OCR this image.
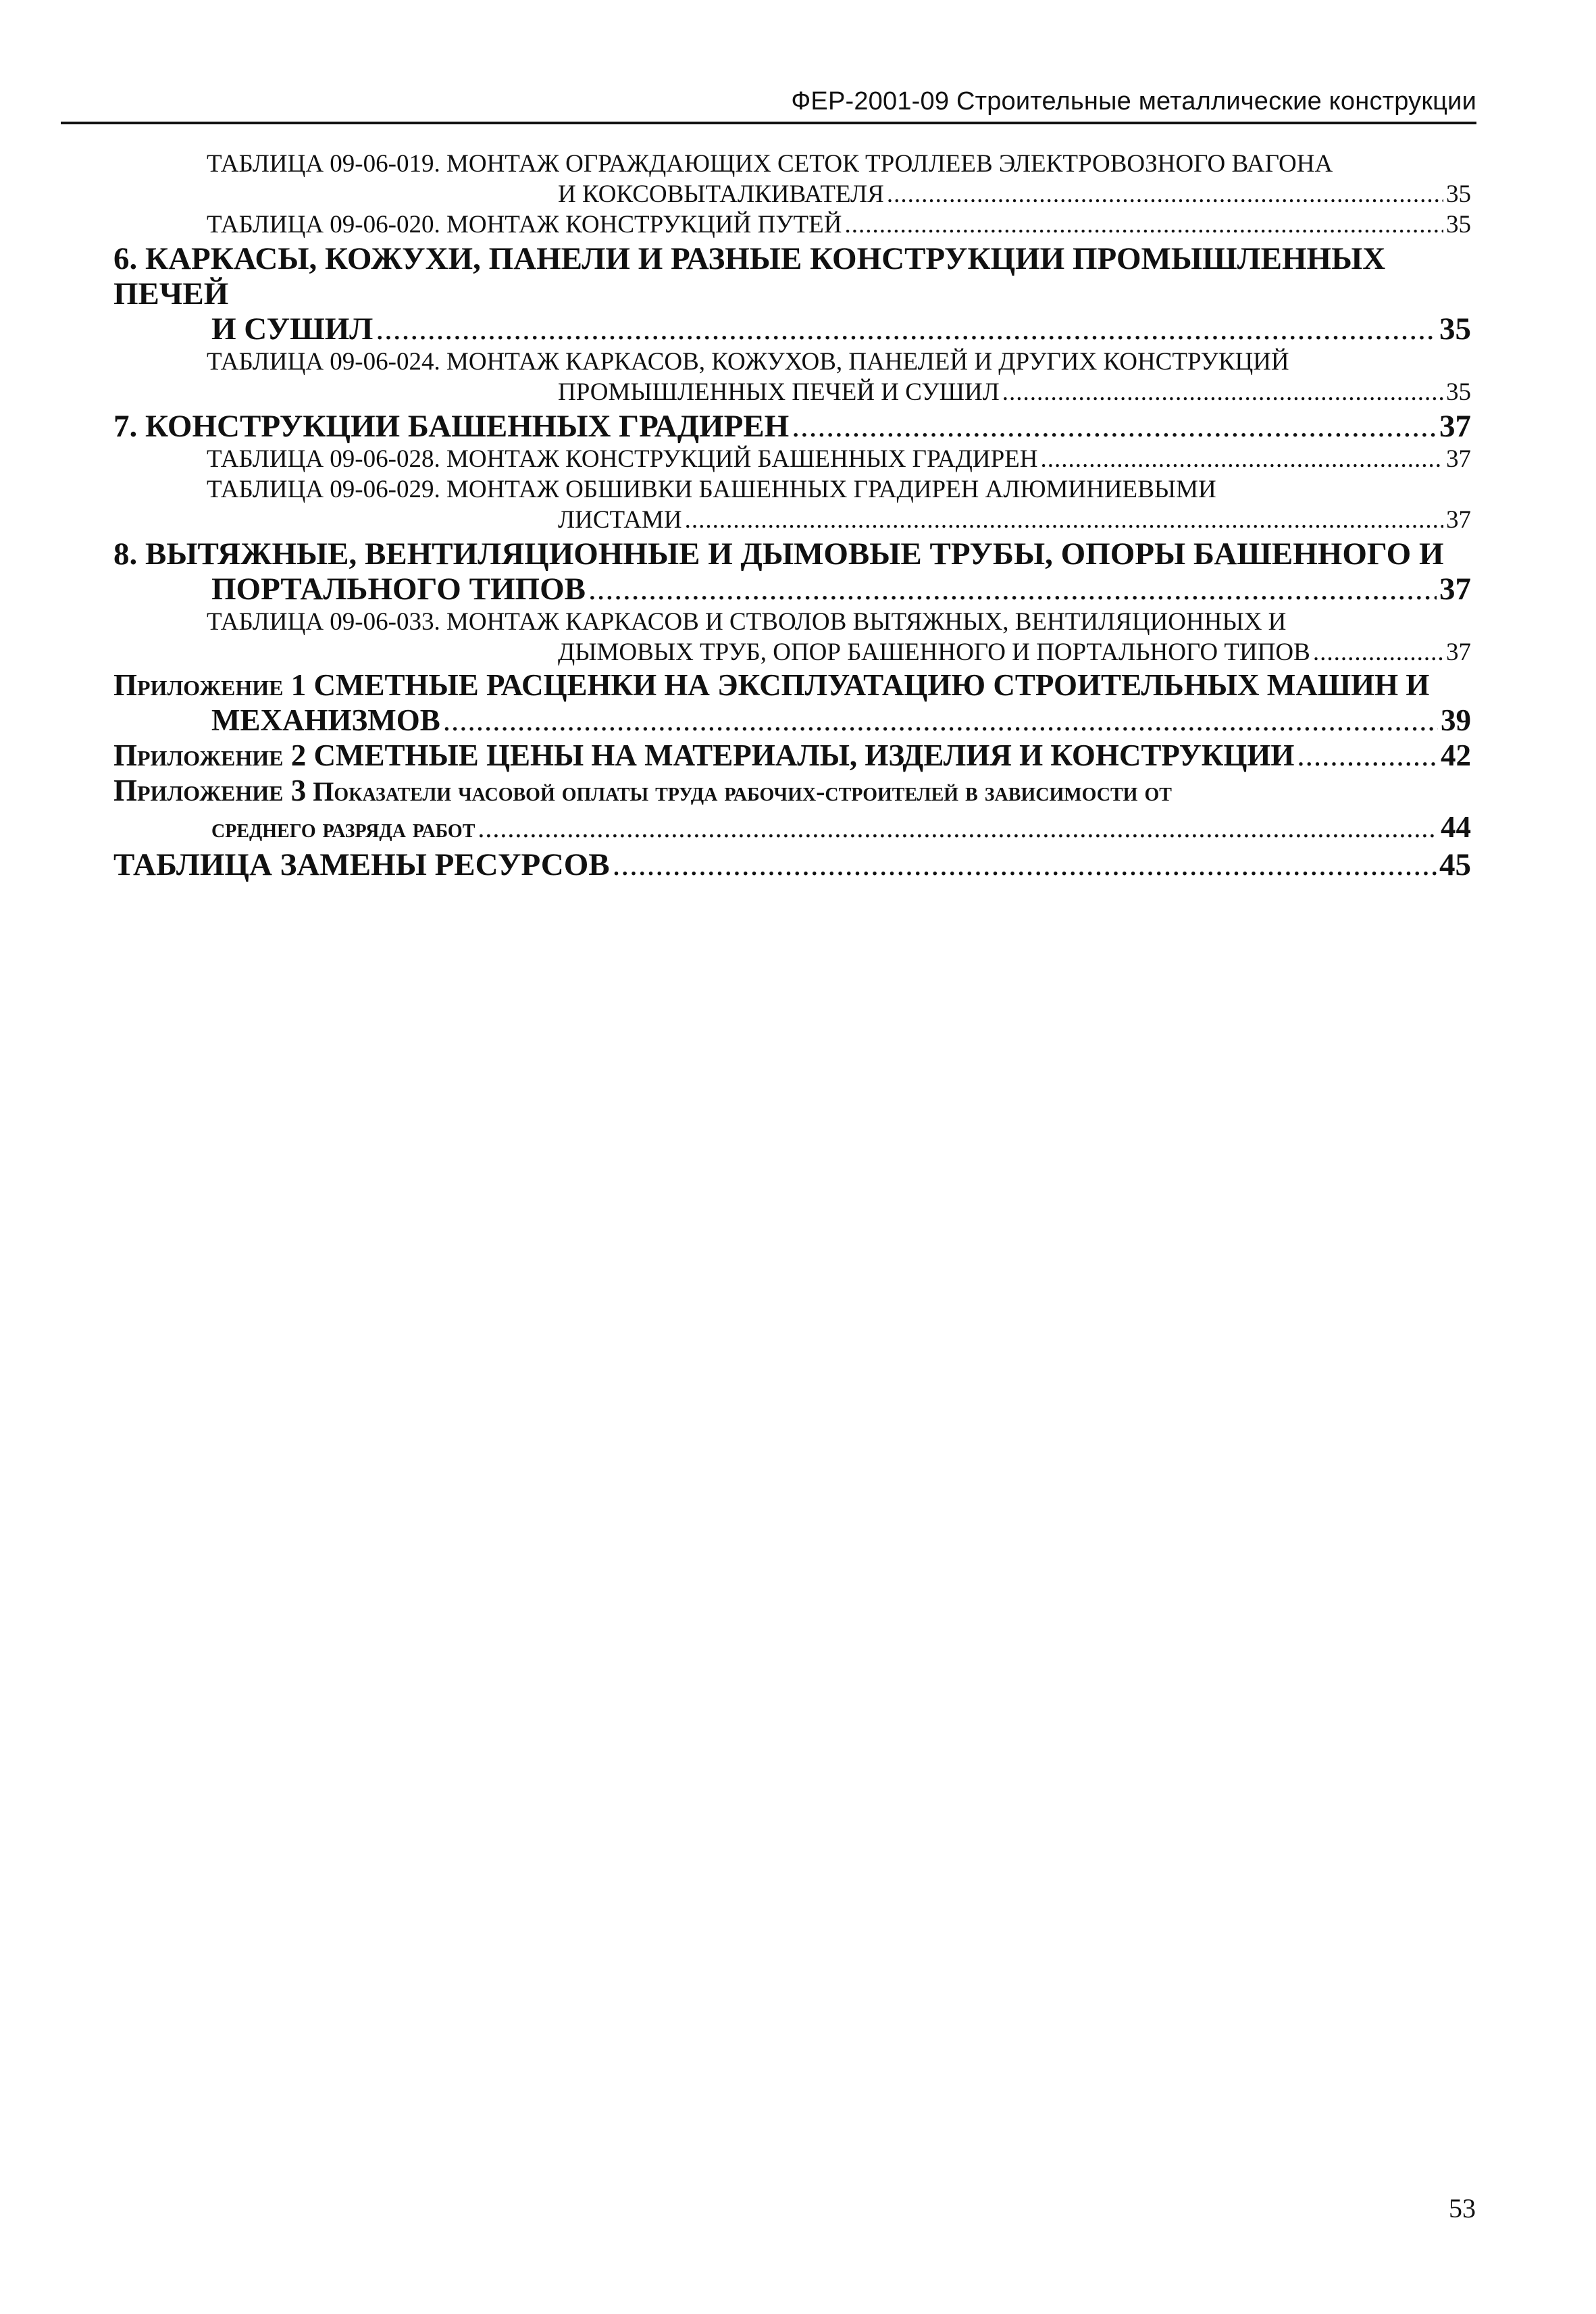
ФЕР-2001-09 Строительные металлические конструкции
ТАБЛИЦА 09-06-019. МОНТАЖ ОГРАЖДАЮЩИХ СЕТОК ТРОЛЛЕЕВ ЭЛЕКТРОВОЗНОГО ВАГОНА
И КОКСОВЫТАЛКИВАТЕЛЯ .....	35
ТАБЛИЦА 09-06-020. МОНТАЖ КОНСТРУКЦИЙ ПУТЕЙ .....	35
6. КАРКАСЫ, КОЖУХИ, ПАНЕЛИ И РАЗНЫЕ КОНСТРУКЦИИ ПРОМЫШЛЕННЫХ ПЕЧЕЙ
И СУШИЛ .....	35
ТАБЛИЦА 09-06-024. МОНТАЖ КАРКАСОВ, КОЖУХОВ, ПАНЕЛЕЙ И ДРУГИХ КОНСТРУКЦИЙ
ПРОМЫШЛЕННЫХ ПЕЧЕЙ И СУШИЛ .....	35
7. КОНСТРУКЦИИ БАШЕННЫХ ГРАДИРЕН .....	37
ТАБЛИЦА 09-06-028. МОНТАЖ КОНСТРУКЦИЙ БАШЕННЫХ ГРАДИРЕН .....	37
ТАБЛИЦА 09-06-029. МОНТАЖ ОБШИВКИ БАШЕННЫХ ГРАДИРЕН АЛЮМИНИЕВЫМИ
ЛИСТАМИ .....	37
8. ВЫТЯЖНЫЕ, ВЕНТИЛЯЦИОННЫЕ И ДЫМОВЫЕ ТРУБЫ, ОПОРЫ БАШЕННОГО И
ПОРТАЛЬНОГО ТИПОВ .....	37
ТАБЛИЦА 09-06-033. МОНТАЖ КАРКАСОВ И СТВОЛОВ ВЫТЯЖНЫХ, ВЕНТИЛЯЦИОННЫХ И
ДЫМОВЫХ ТРУБ, ОПОР БАШЕННОГО И ПОРТАЛЬНОГО ТИПОВ .....	37
Приложение 1 СМЕТНЫЕ РАСЦЕНКИ НА ЭКСПЛУАТАЦИЮ СТРОИТЕЛЬНЫХ МАШИН И
МЕХАНИЗМОВ .....	39
Приложение 2 СМЕТНЫЕ ЦЕНЫ НА МАТЕРИАЛЫ, ИЗДЕЛИЯ И КОНСТРУКЦИИ .....	42
Приложение 3 Показатели часовой оплаты труда рабочих-строителей в зависимости от
среднего разряда работ .....	44
ТАБЛИЦА ЗАМЕНЫ РЕСУРСОВ .....	45
53
